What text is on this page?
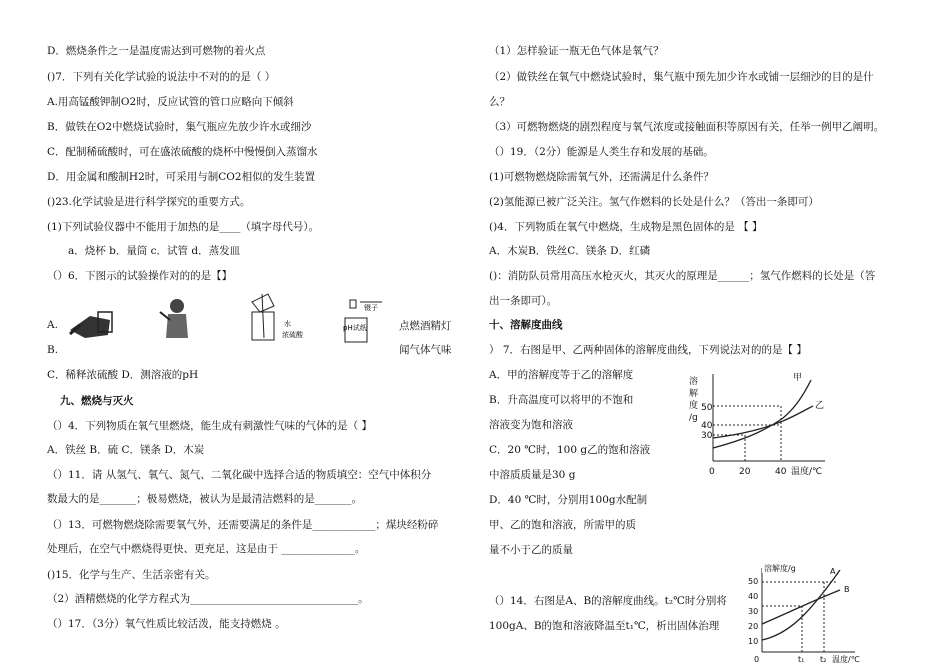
D．燃烧条件之一是温度需达到可燃物的着火点
()7．下列有关化学试验的说法中不对的的是（ ）
A.用高锰酸钾制O2时，反应试管的管口应略向下倾斜
B．做铁在O2中燃烧试验时，集气瓶应先放少许水或细沙
C．配制稀硫酸时，可在盛浓硫酸的烧杯中慢慢倒入蒸馏水
D．用金属和酸制H2时，可采用与制CO2相似的发生装置
()23.化学试验是进行科学探究的重要方式。
(1)下列试验仪器中不能用于加热的是____（填字母代号）。
a．烧杯 b．量筒 c．试管 d．蒸发皿
（）6．下图示的试验操作对的的是【】
A.
B.
水
浓硫酸
镊子
pH试纸	点燃酒精灯
闻气体气味
C．稀释浓硫酸 D．测溶液的pH
九、燃烧与灭火
（）4．下列物质在氧气里燃烧，能生成有刺激性气味的气体的是（ 】
A．铁丝 B．硫 C．镁条 D．木炭
（）11．请 从氢气、氧气、氮气、二氧化碳中选择合适的物质填空：空气中体积分
数最大的是_______；极易燃烧，被认为是最清洁燃料的是_______。
（）13．可燃物燃烧除需要氧气外，还需要满足的条件是____________；煤块经粉碎
处理后，在空气中燃烧得更快、更充足，这是由于 ______________。
()15．化学与生产、生活亲密有关。
（2）酒精燃烧的化学方程式为________________________________。
（）17．（3分）氧气性质比较活泼，能支持燃烧 。
（1）怎样验证一瓶无色气体是氧气？
（2）做铁丝在氧气中燃烧试验时，集气瓶中预先加少许水或铺一层细沙的目的是什
么？
（3）可燃物燃烧的剧烈程度与氧气浓度或接触面积等原因有关，任举一例甲乙阐明。
（）19．（2分）能源是人类生存和发展的基础。
(1)可燃物燃烧除需氧气外，还需满足什么条件？
(2)氢能源已被广泛关注。氢气作燃料的长处是什么？（答出一条即可）
()4．下列物质在氧气中燃烧，生成物是黑色固体的是 【 】
A．木炭B．铁丝C．镁条 D．红磷
()：消防队员常用高压水枪灭火，其灭火的原理是______；氢气作燃料的长处是（答
出一条即可）。
十、溶解度曲线
） 7．右图是甲、乙两种固体的溶解度曲线，下列说法对的的是【 】
A．甲的溶解度等于乙的溶解度
B．升高温度可以将甲的不饱和
溶液变为饱和溶液
C．20 ℃时，100 g乙的饱和溶液
中溶质质量是30 g
D．40 ℃时，分别用100g水配制
甲、乙的饱和溶液，所需甲的质
量不小于乙的质量
（）14．右图是A、B的溶解度曲线。t₂℃时分别将
100gA、B的饱和溶液降温至t₁℃，析出固体治理
溶
解
度
/g
50
40
30
0	20	40 温度/℃
甲
乙
溶解度/g
50
40
30
20
10
0	t₁ t₂ 温度/℃
A
B
